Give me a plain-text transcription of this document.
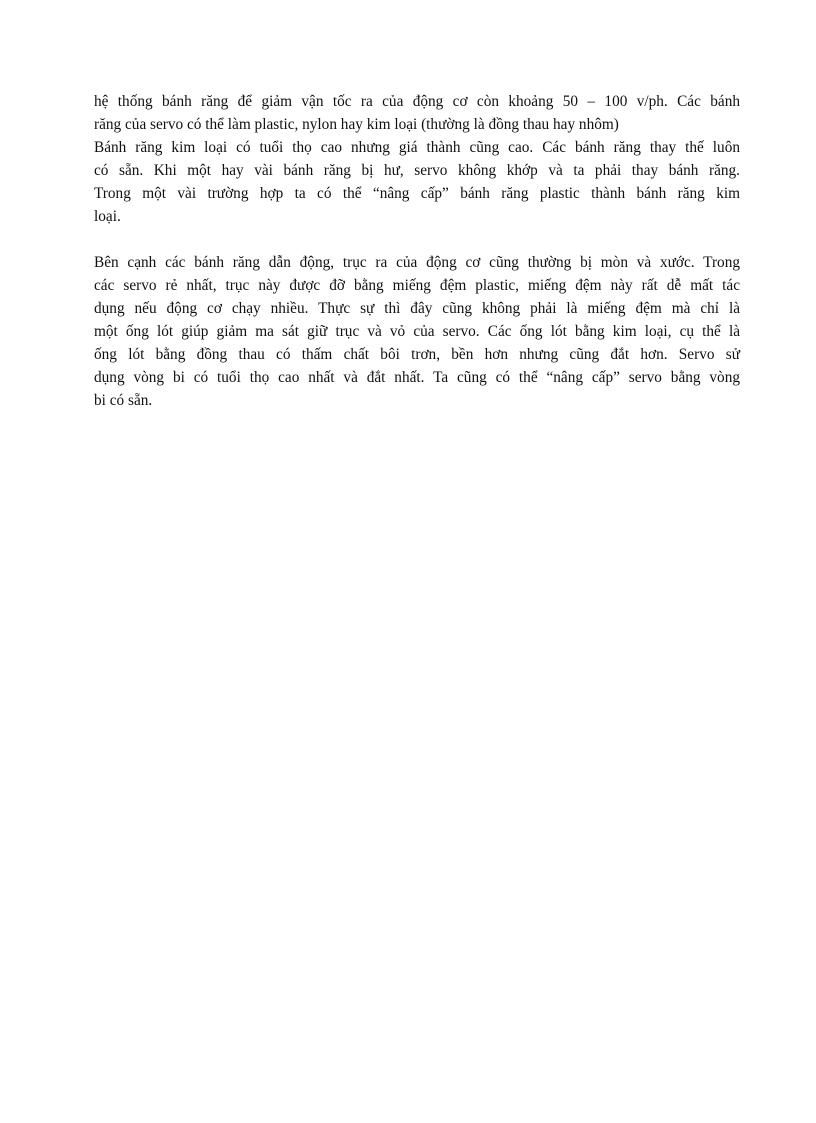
hệ thống bánh răng để giảm vận tốc ra của động cơ còn khoảng 50 – 100 v/ph. Các bánh
răng của servo có thể làm plastic, nylon hay kim loại (thường là đồng thau hay nhôm)
Bánh răng kim loại có tuổi thọ cao nhưng giá thành cũng cao. Các bánh răng thay thế luôn
có sẵn. Khi một hay vài bánh răng bị hư, servo không khớp và ta phải thay bánh răng.
Trong một vài trường hợp ta có thể “nâng cấp” bánh răng plastic thành bánh răng kim
loại.
Bên cạnh các bánh răng dẫn động, trục ra của động cơ cũng thường bị mòn và xước. Trong
các servo rẻ nhất, trục này được đỡ bằng miếng đệm plastic, miếng đệm này rất dễ mất tác
dụng nếu động cơ chạy nhiều. Thực sự thì đây cũng không phải là miếng đệm mà chỉ là
một ống lót giúp giảm ma sát giữ trục và vỏ của servo. Các ống lót bằng kim loại, cụ thể là
ống lót bằng đồng thau có thấm chất bôi trơn, bền hơn nhưng cũng đắt hơn. Servo sử
dụng vòng bi có tuổi thọ cao nhất và đắt nhất. Ta cũng có thể “nâng cấp” servo bằng vòng
bi có sẵn.
